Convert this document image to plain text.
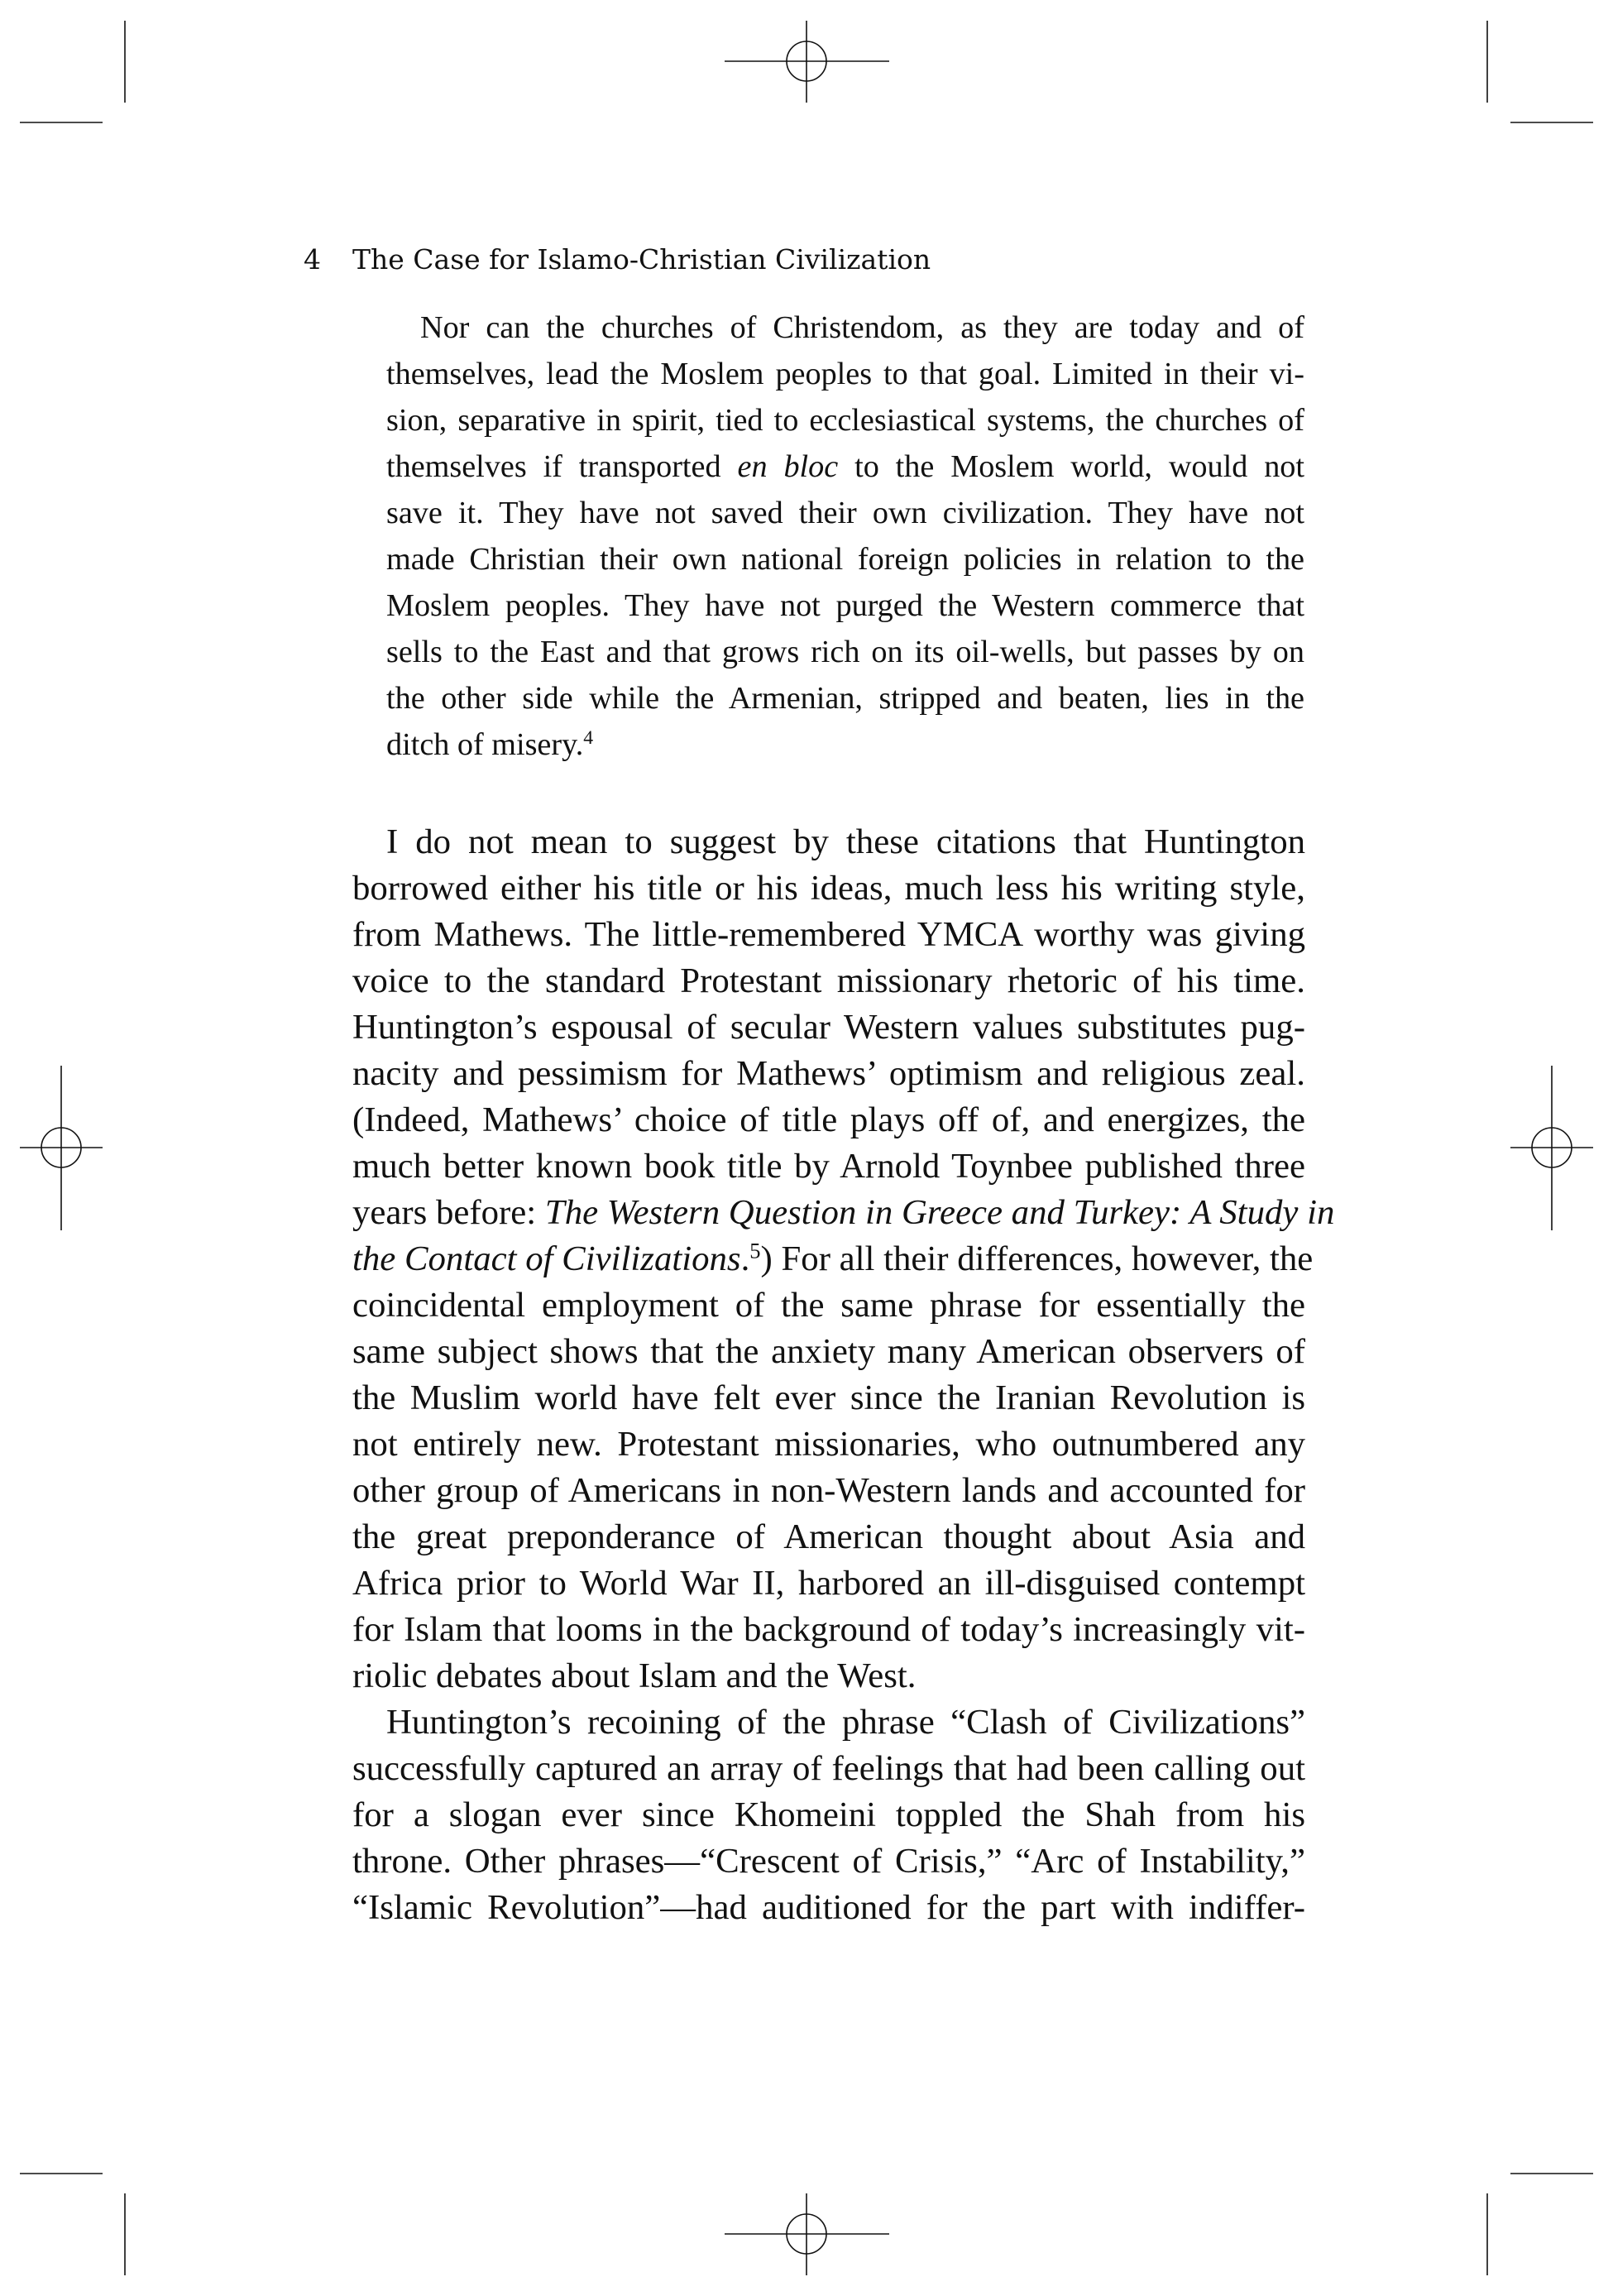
4 The Case for Islamo-Christian Civilization
Nor can the churches of Christendom, as they are today and of
themselves, lead the Moslem peoples to that goal. Limited in their vi-
sion, separative in spirit, tied to ecclesiastical systems, the churches of
themselves if transported en bloc to the Moslem world, would not
save it. They have not saved their own civilization. They have not
made Christian their own national foreign policies in relation to the
Moslem peoples. They have not purged the Western commerce that
sells to the East and that grows rich on its oil-wells, but passes by on
the other side while the Armenian, stripped and beaten, lies in the
ditch of misery.$^4$
I do not mean to suggest by these citations that Huntington
borrowed either his title or his ideas, much less his writing style,
from Mathews. The little-remembered YMCA worthy was giving
voice to the standard Protestant missionary rhetoric of his time.
Huntington’s espousal of secular Western values substitutes pug-
nacity and pessimism for Mathews’ optimism and religious zeal.
(Indeed, Mathews’ choice of title plays off of, and energizes, the
much better known book title by Arnold Toynbee published three
years before: The Western Question in Greece and Turkey: A Study in
the Contact of Civilizations.$^5$) For all their differences, however, the
coincidental employment of the same phrase for essentially the
same subject shows that the anxiety many American observers of
the Muslim world have felt ever since the Iranian Revolution is
not entirely new. Protestant missionaries, who outnumbered any
other group of Americans in non-Western lands and accounted for
the great preponderance of American thought about Asia and
Africa prior to World War II, harbored an ill-disguised contempt
for Islam that looms in the background of today’s increasingly vit-
riolic debates about Islam and the West.
Huntington’s recoining of the phrase “Clash of Civilizations”
successfully captured an array of feelings that had been calling out
for a slogan ever since Khomeini toppled the Shah from his
throne. Other phrases—“Crescent of Crisis,” “Arc of Instability,”
“Islamic Revolution”—had auditioned for the part with indiffer-
